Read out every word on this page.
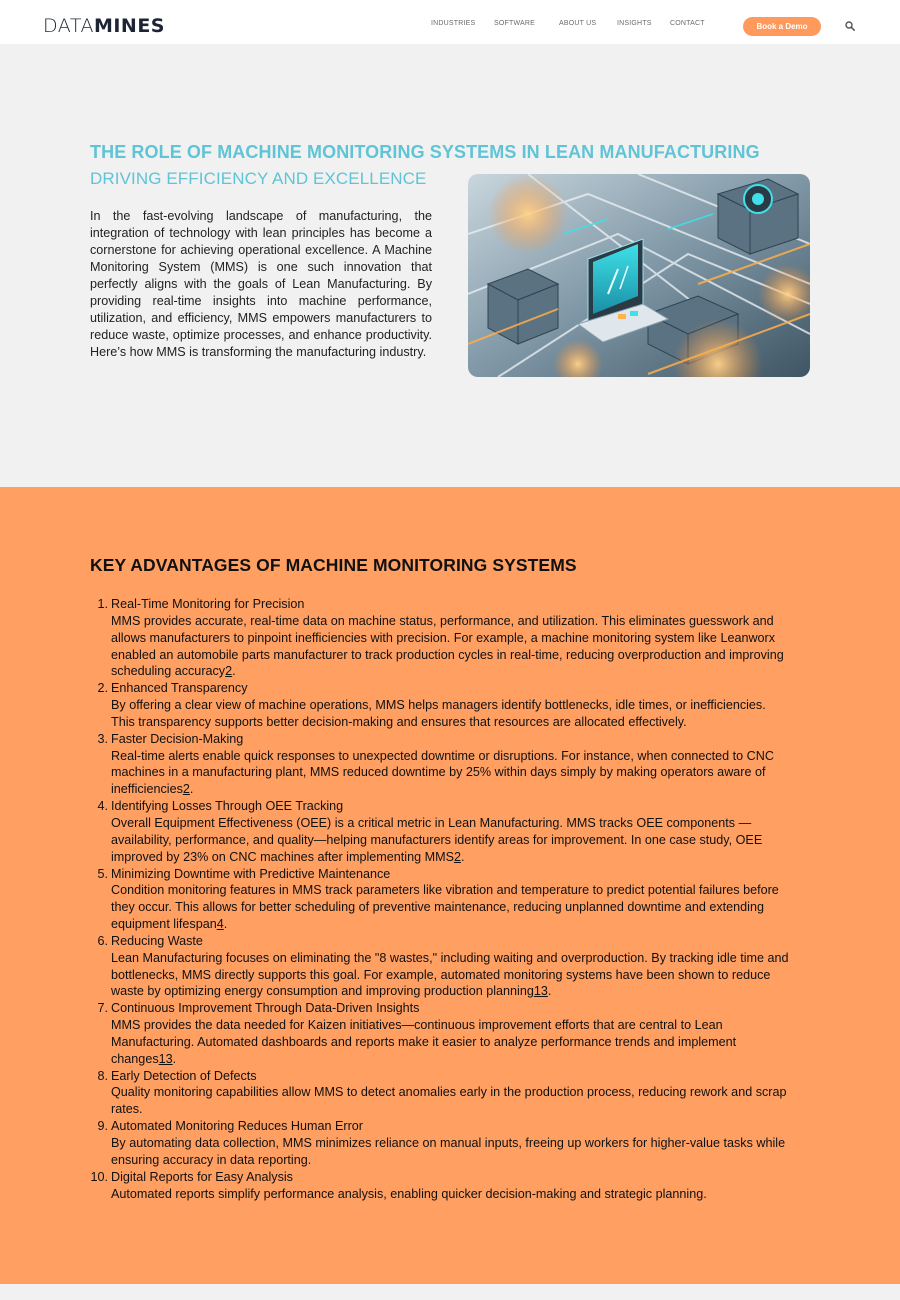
DATAMINES	INDUSTRIES	SOFTWARE	ABOUT US	INSIGHTS	CONTACT	Book a Demo
THE ROLE OF MACHINE MONITORING SYSTEMS IN LEAN MANUFACTURING
DRIVING EFFICIENCY AND EXCELLENCE

In the fast-evolving landscape of manufacturing, the integration of technology with lean principles has become a cornerstone for achieving operational excellence. A Machine Monitoring System (MMS) is one such innovation that perfectly aligns with the goals of Lean Manufacturing. By providing real-time insights into machine performance, utilization, and efficiency, MMS empowers manufacturers to reduce waste, optimize processes, and enhance productivity. Here’s how MMS is transforming the manufacturing industry.

KEY ADVANTAGES OF MACHINE MONITORING SYSTEMS
1. Real-Time Monitoring for Precision
MMS provides accurate, real-time data on machine status, performance, and utilization. This eliminates guesswork and allows manufacturers to pinpoint inefficiencies with precision. For example, a machine monitoring system like Leanworx enabled an automobile parts manufacturer to track production cycles in real-time, reducing overproduction and improving scheduling accuracy2.
2. Enhanced Transparency
By offering a clear view of machine operations, MMS helps managers identify bottlenecks, idle times, or inefficiencies. This transparency supports better decision-making and ensures that resources are allocated effectively.
3. Faster Decision-Making
Real-time alerts enable quick responses to unexpected downtime or disruptions. For instance, when connected to CNC machines in a manufacturing plant, MMS reduced downtime by 25% within days simply by making operators aware of inefficiencies2.
4. Identifying Losses Through OEE Tracking
Overall Equipment Effectiveness (OEE) is a critical metric in Lean Manufacturing. MMS tracks OEE components —availability, performance, and quality—helping manufacturers identify areas for improvement. In one case study, OEE improved by 23% on CNC machines after implementing MMS2.
5. Minimizing Downtime with Predictive Maintenance
Condition monitoring features in MMS track parameters like vibration and temperature to predict potential failures before they occur. This allows for better scheduling of preventive maintenance, reducing unplanned downtime and extending equipment lifespan4.
6. Reducing Waste
Lean Manufacturing focuses on eliminating the "8 wastes," including waiting and overproduction. By tracking idle time and bottlenecks, MMS directly supports this goal. For example, automated monitoring systems have been shown to reduce waste by optimizing energy consumption and improving production planning13.
7. Continuous Improvement Through Data-Driven Insights
MMS provides the data needed for Kaizen initiatives—continuous improvement efforts that are central to Lean Manufacturing. Automated dashboards and reports make it easier to analyze performance trends and implement changes13.
8. Early Detection of Defects
Quality monitoring capabilities allow MMS to detect anomalies early in the production process, reducing rework and scrap rates.
9. Automated Monitoring Reduces Human Error
By automating data collection, MMS minimizes reliance on manual inputs, freeing up workers for higher-value tasks while ensuring accuracy in data reporting.
10. Digital Reports for Easy Analysis
Automated reports simplify performance analysis, enabling quicker decision-making and strategic planning.
